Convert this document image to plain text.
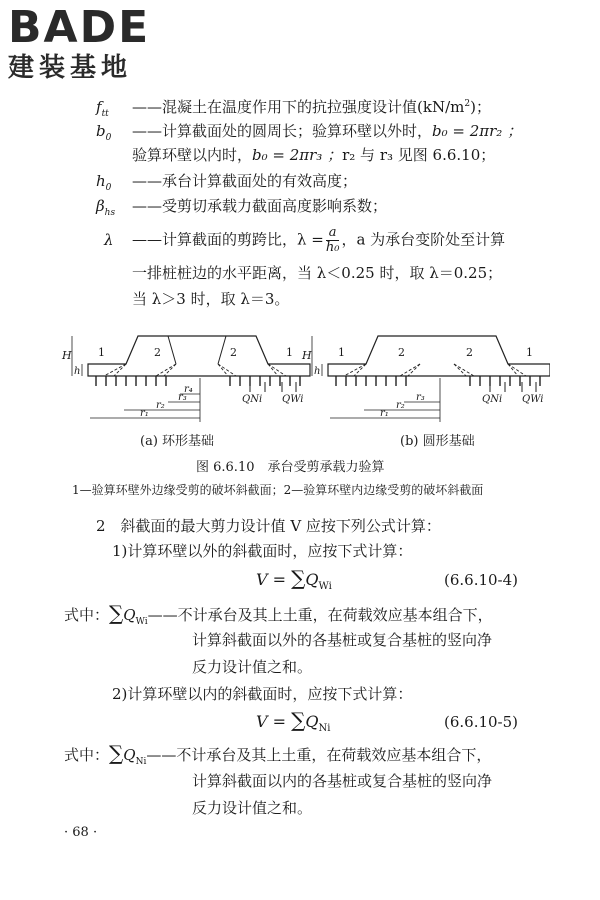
BADE
建装基地
$f_{tt}$ ——混凝土在温度作用下的抗拉强度设计值$(kN/m^2)$；
$b_0$ ——计算截面处的圆周长；验算环壁以外时，b₀ = 2πr₂ ；
验算环壁以内时，b₀ = 2πr₃ ；r₂ 与 r₃ 见图 6.6.10；
$h_0$ ——承台计算截面处的有效高度；
$\beta_{hs}$ ——受剪切承载力截面高度影响系数；
λ ——计算截面的剪跨比，$\lambda = \frac{a}{\text{h₀}}$ ，a 为承台变阶处至计算
一排桩桩边的水平距离，当 λ＜0.25 时，取 λ＝0.25；
当 λ＞3 时，取 λ＝3。
H
h
1	2	2	1
r₁
r₂
r₃
r₄
QNi QWi
H
h
1	2	2	1
r₁
r₂
r₃	QNi QWi
(a) 环形基础	(b) 圆形基础
图 6.6.10　承台受剪承载力验算
1—验算环壁外边缘受剪的破坏斜截面；2—验算环壁内边缘受剪的破坏斜截面
2　斜截面的最大剪力设计值 V 应按下列公式计算：
1)计算环壁以外的斜截面时，应按下式计算：
$V = \sum Q_{Wi}$	(6.6.10-4)
式中：$\sum Q_{Wi}——$不计承台及其上土重，在荷载效应基本组合下，
计算斜截面以外的各基桩或复合基桩的竖向净
反力设计值之和。
2)计算环壁以内的斜截面时，应按下式计算：
$V = \sum Q_{Ni}$	(6.6.10-5)
式中：$\sum Q_{Ni}——$不计承台及其上土重，在荷载效应基本组合下，
计算斜截面以内的各基桩或复合基桩的竖向净
反力设计值之和。
· 68 ·
